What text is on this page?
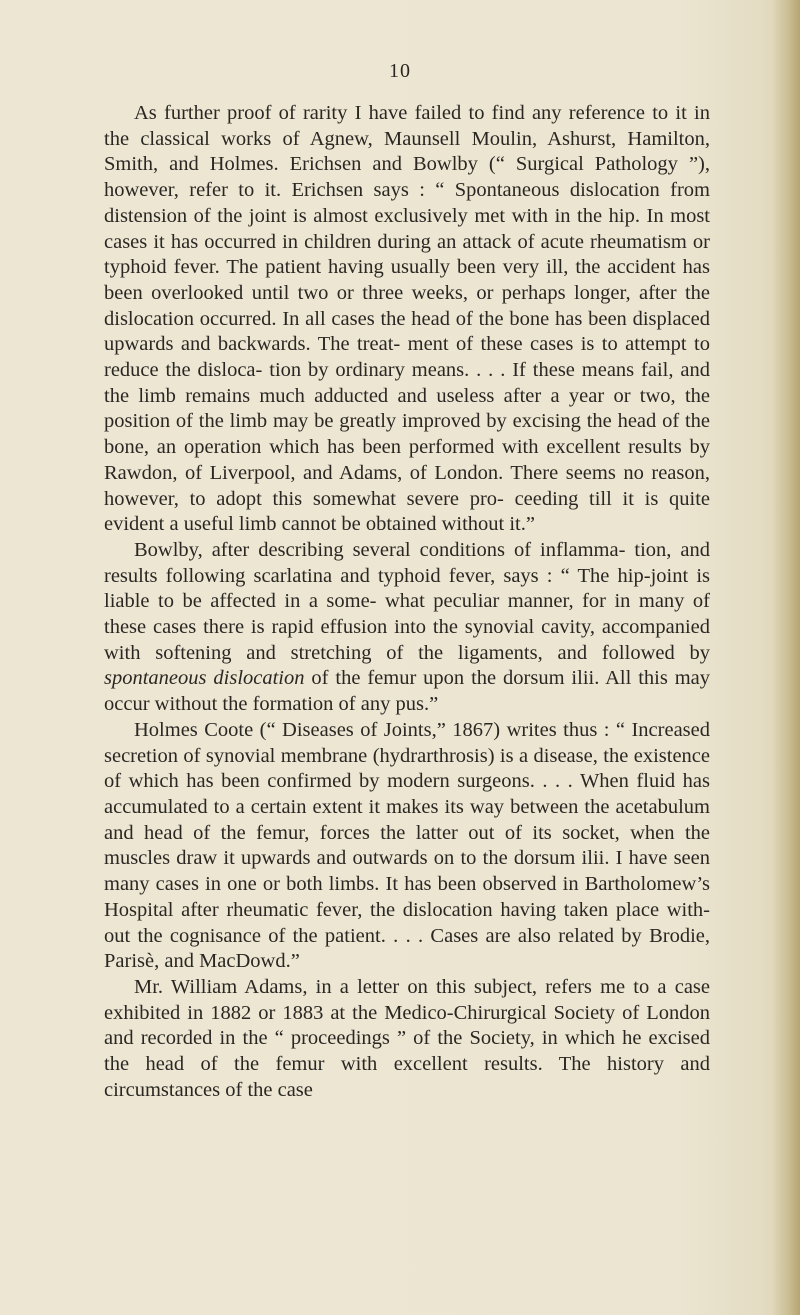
10

As further proof of rarity I have failed to find any reference to it in the classical works of Agnew, Maunsell Moulin, Ashurst, Hamilton, Smith, and Holmes. Erichsen and Bowlby (“ Surgical Pathology ”), however, refer to it. Erichsen says : “ Spontaneous dislocation from distension of the joint is almost exclusively met with in the hip. In most cases it has occurred in children during an attack of acute rheumatism or typhoid fever. The patient having usually been very ill, the accident has been overlooked until two or three weeks, or perhaps longer, after the dislocation occurred. In all cases the head of the bone has been displaced upwards and backwards. The treat- ment of these cases is to attempt to reduce the disloca- tion by ordinary means. . . . If these means fail, and the limb remains much adducted and useless after a year or two, the position of the limb may be greatly improved by excising the head of the bone, an operation which has been performed with excellent results by Rawdon, of Liverpool, and Adams, of London. There seems no reason, however, to adopt this somewhat severe pro- ceeding till it is quite evident a useful limb cannot be obtained without it.”

Bowlby, after describing several conditions of inflamma- tion, and results following scarlatina and typhoid fever, says : “ The hip-joint is liable to be affected in a some- what peculiar manner, for in many of these cases there is rapid effusion into the synovial cavity, accompanied with softening and stretching of the ligaments, and followed by spontaneous dislocation of the femur upon the dorsum ilii. All this may occur without the formation of any pus.”

Holmes Coote (“ Diseases of Joints,” 1867) writes thus : “ Increased secretion of synovial membrane (hydrarthrosis) is a disease, the existence of which has been confirmed by modern surgeons. . . . When fluid has accumulated to a certain extent it makes its way between the acetabulum and head of the femur, forces the latter out of its socket, when the muscles draw it upwards and outwards on to the dorsum ilii. I have seen many cases in one or both limbs. It has been observed in Bartholomew’s Hospital after rheumatic fever, the dislocation having taken place with- out the cognisance of the patient. . . . Cases are also related by Brodie, Parisè, and MacDowd.”

Mr. William Adams, in a letter on this subject, refers me to a case exhibited in 1882 or 1883 at the Medico-Chirurgical Society of London and recorded in the “ proceedings ” of the Society, in which he excised the head of the femur with excellent results. The history and circumstances of the case
